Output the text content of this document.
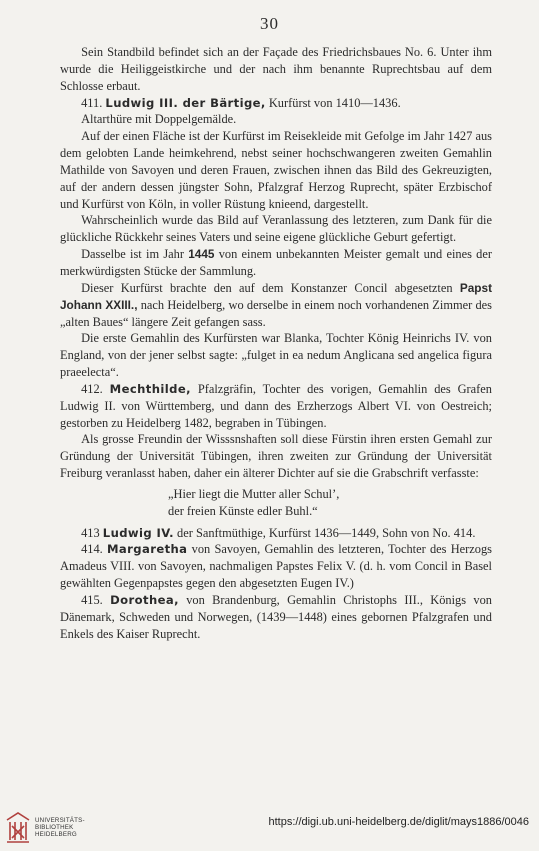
30

Sein Standbild befindet sich an der Façade des Friedrichsbaues No. 6. Unter ihm wurde die Heiliggeistkirche und der nach ihm benannte Ruprechtsbau auf dem Schlosse erbaut.

411. Ludwig III. der Bärtige, Kurfürst von 1410—1436.

Altarthüre mit Doppelgemälde.

Auf der einen Fläche ist der Kurfürst im Reisekleide mit Gefolge im Jahr 1427 aus dem gelobten Lande heimkehrend, nebst seiner hochschwangeren zweiten Gemahlin Mathilde von Savoyen und deren Frauen, zwischen ihnen das Bild des Gekreuzigten, auf der andern dessen jüngster Sohn, Pfalzgraf Herzog Ruprecht, später Erzbischof und Kurfürst von Köln, in voller Rüstung knieend, dargestellt.

Wahrscheinlich wurde das Bild auf Veranlassung des letzteren, zum Dank für die glückliche Rückkehr seines Vaters und seine eigene glückliche Geburt gefertigt.

Dasselbe ist im Jahr 1445 von einem unbekannten Meister gemalt und eines der merkwürdigsten Stücke der Sammlung.

Dieser Kurfürst brachte den auf dem Konstanzer Concil abgesetzten Papst Johann XXIII., nach Heidelberg, wo derselbe in einem noch vorhandenen Zimmer des „alten Baues“ längere Zeit gefangen sass.

Die erste Gemahlin des Kurfürsten war Blanka, Tochter König Heinrichs IV. von England, von der jener selbst sagte: „fulget in ea nedum Anglicana sed angelica figura praeelecta“.

412. Mechthilde, Pfalzgräfin, Tochter des vorigen, Gemahlin des Grafen Ludwig II. von Württemberg, und dann des Erzherzogs Albert VI. von Oestreich; gestorben zu Heidelberg 1482, begraben in Tübingen.

Als grosse Freundin der Wisssnshaften soll diese Fürstin ihren ersten Gemahl zur Gründung der Universität Tübingen, ihren zweiten zur Gründung der Universität Freiburg veranlasst haben, daher ein älterer Dichter auf sie die Grabschrift verfasste:

„Hier liegt die Mutter aller Schul’,
der freien Künste edler Buhl.“

413 Ludwig IV. der Sanftmüthige, Kurfürst 1436—1449, Sohn von No. 414.

414. Margaretha von Savoyen, Gemahlin des letzteren, Tochter des Herzogs Amadeus VIII. von Savoyen, nachmaligen Papstes Felix V. (d. h. vom Concil in Basel gewählten Gegenpapstes gegen den abgesetzten Eugen IV.)

415. Dorothea, von Brandenburg, Gemahlin Christophs III., Königs von Dänemark, Schweden und Norwegen, (1439—1448) eines gebornen Pfalzgrafen und Enkels des Kaiser Ruprecht.

UNIVERSITÄTS-
BIBLIOTHEK
HEIDELBERG
https://digi.ub.uni-heidelberg.de/diglit/mays1886/0046
